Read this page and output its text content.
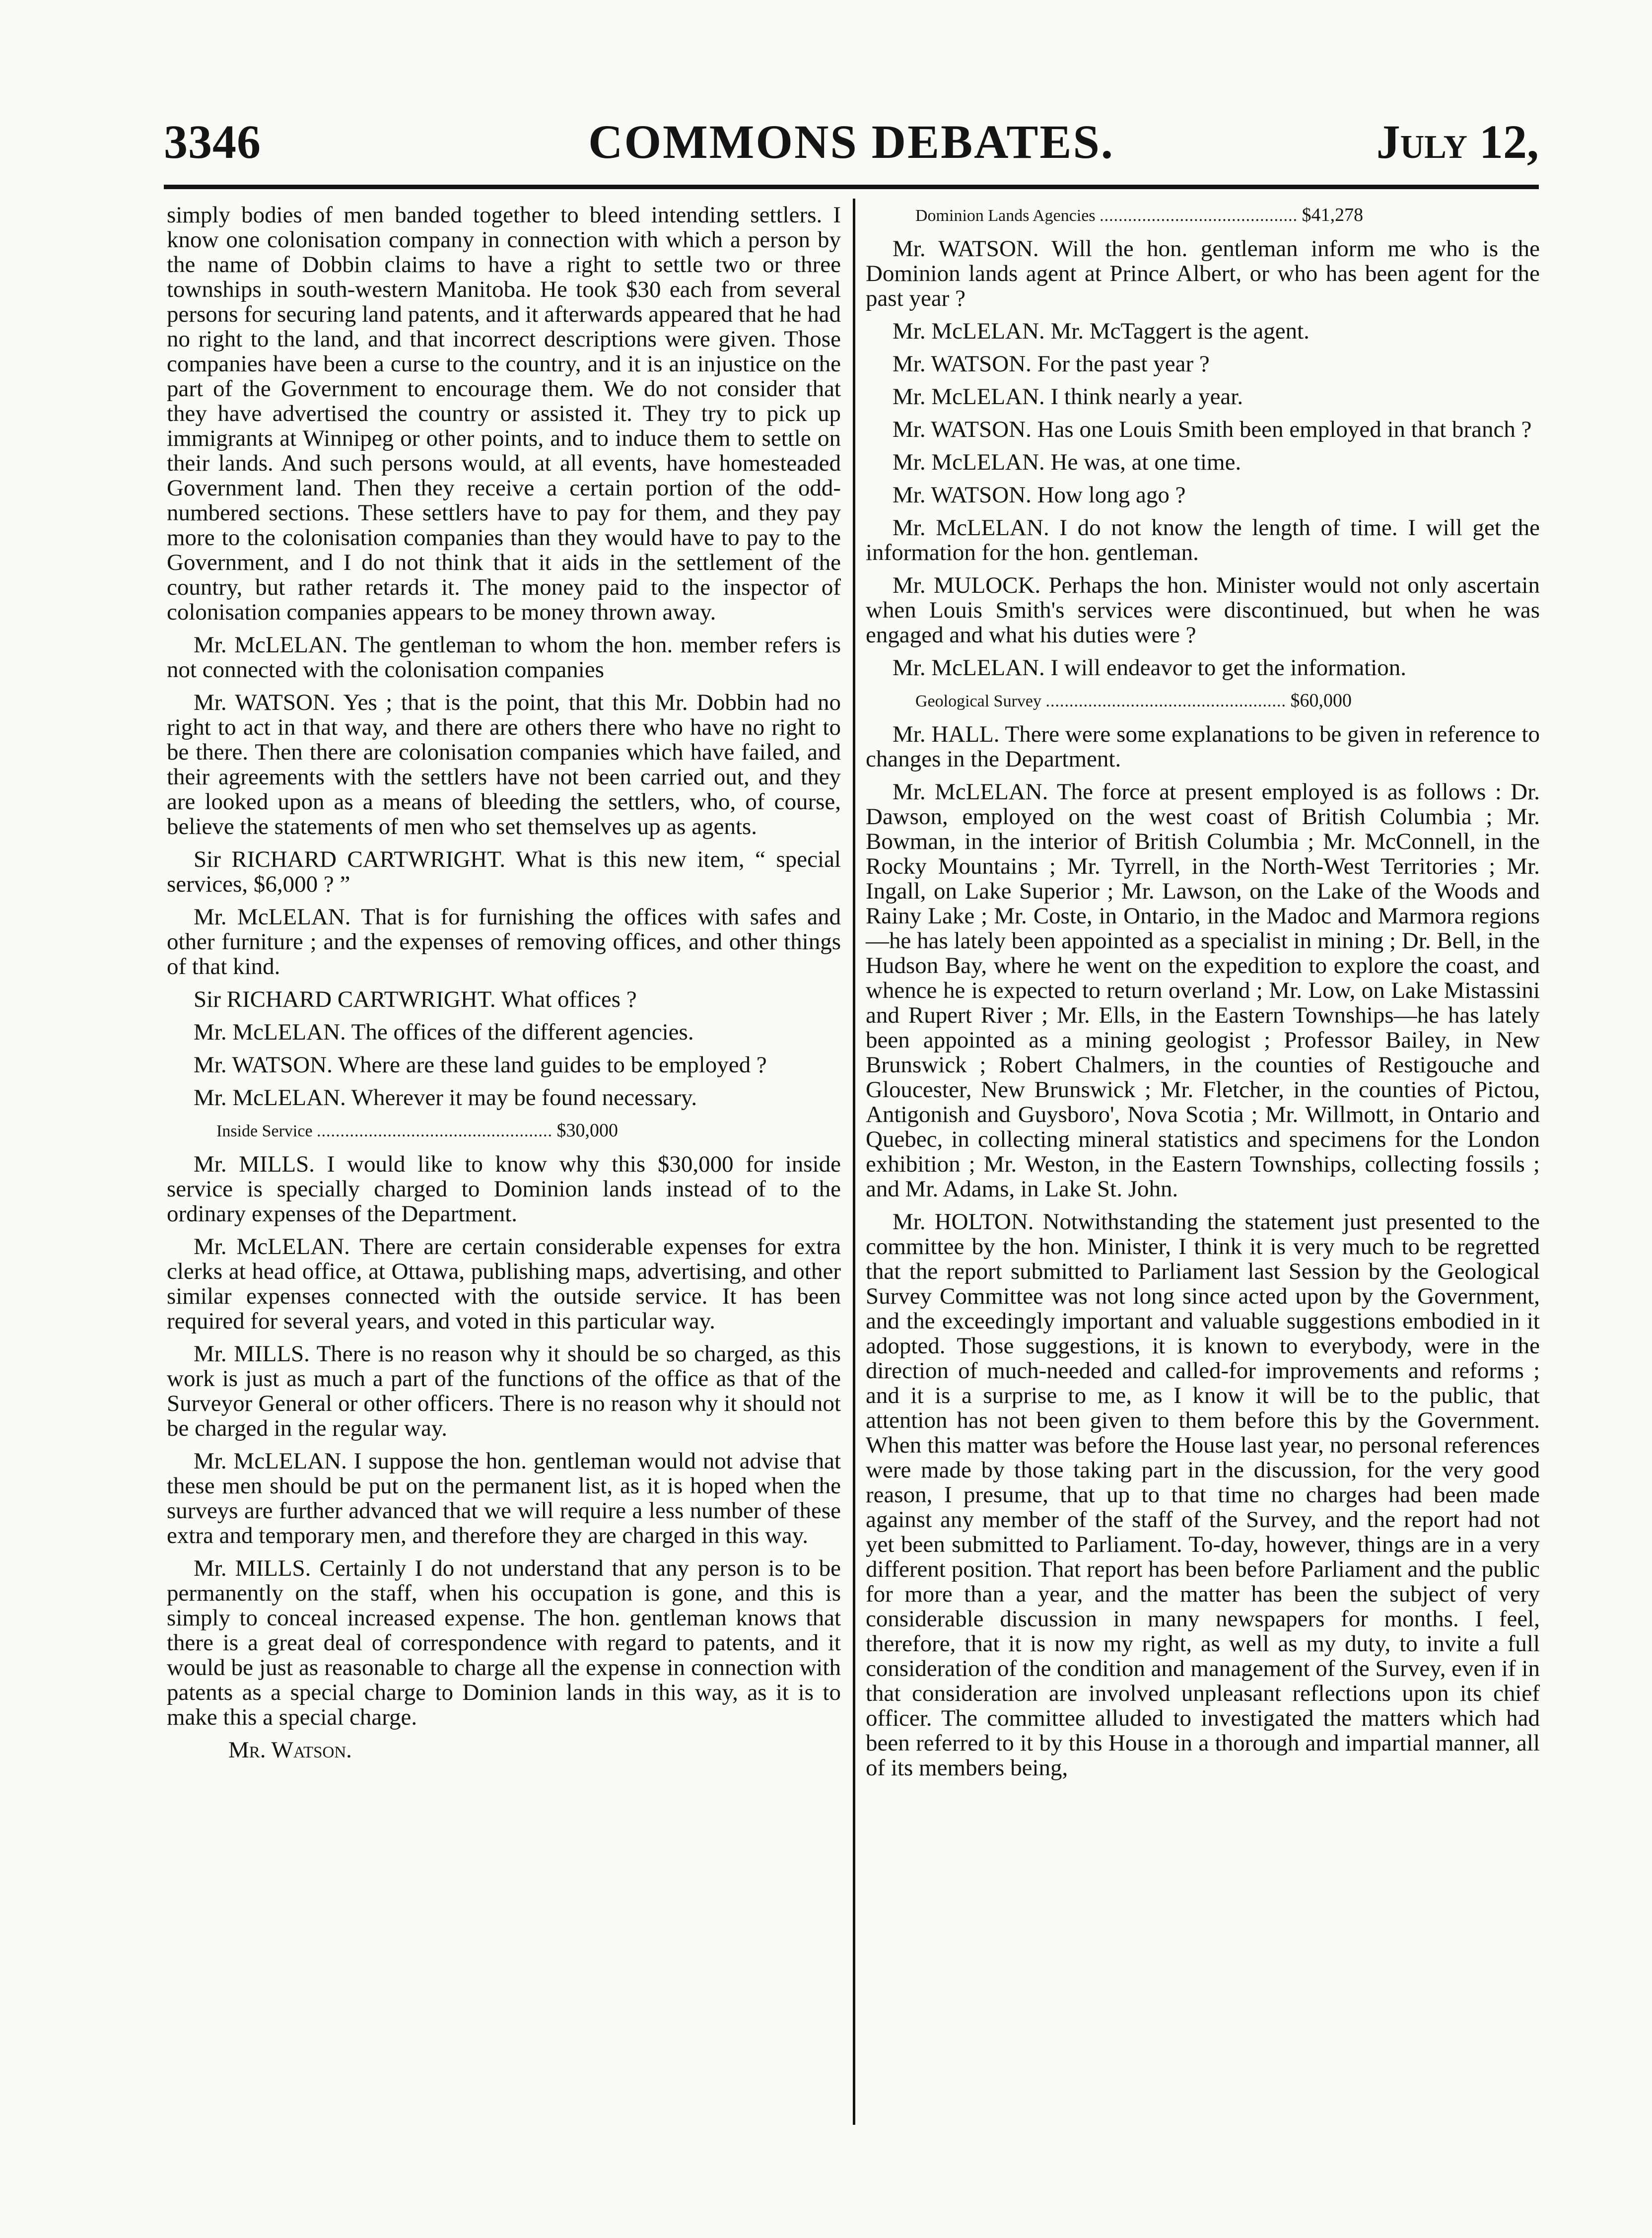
COMMONS DEBATES.
3346	July 12,

simply bodies of men banded together to bleed intending settlers. I know one colonisation company in connection with which a person by the name of Dobbin claims to have a right to settle two or three townships in south-western Manitoba. He took $30 each from several persons for securing land patents, and it afterwards appeared that he had no right to the land, and that incorrect descriptions were given. Those companies have been a curse to the country, and it is an injustice on the part of the Government to encourage them. We do not consider that they have advertised the country or assisted it. They try to pick up immigrants at Winnipeg or other points, and to induce them to settle on their lands. And such persons would, at all events, have homesteaded Government land. Then they receive a certain portion of the odd-numbered sections. These settlers have to pay for them, and they pay more to the colonisation companies than they would have to pay to the Government, and I do not think that it aids in the settlement of the country, but rather retards it. The money paid to the inspector of colonisation companies appears to be money thrown away.

Mr. McLELAN. The gentleman to whom the hon. member refers is not connected with the colonisation companies

Mr. WATSON. Yes ; that is the point, that this Mr. Dobbin had no right to act in that way, and there are others there who have no right to be there. Then there are colonisation companies which have failed, and their agreements with the settlers have not been carried out, and they are looked upon as a means of bleeding the settlers, who, of course, believe the statements of men who set themselves up as agents.

Sir RICHARD CARTWRIGHT. What is this new item, “ special services, $6,000 ? ”

Mr. McLELAN. That is for furnishing the offices with safes and other furniture ; and the expenses of removing offices, and other things of that kind.

Sir RICHARD CARTWRIGHT. What offices ?

Mr. McLELAN. The offices of the different agencies.

Mr. WATSON. Where are these land guides to be employed ?

Mr. McLELAN. Wherever it may be found necessary.

Inside Service .................................................. $30,000

Mr. MILLS. I would like to know why this $30,000 for inside service is specially charged to Dominion lands instead of to the ordinary expenses of the Department.

Mr. McLELAN. There are certain considerable expenses for extra clerks at head office, at Ottawa, publishing maps, advertising, and other similar expenses connected with the outside service. It has been required for several years, and voted in this particular way.

Mr. MILLS. There is no reason why it should be so charged, as this work is just as much a part of the functions of the office as that of the Surveyor General or other officers. There is no reason why it should not be charged in the regular way.

Mr. McLELAN. I suppose the hon. gentleman would not advise that these men should be put on the permanent list, as it is hoped when the surveys are further advanced that we will require a less number of these extra and temporary men, and therefore they are charged in this way.

Mr. MILLS. Certainly I do not understand that any person is to be permanently on the staff, when his occupation is gone, and this is simply to conceal increased expense. The hon. gentleman knows that there is a great deal of correspondence with regard to patents, and it would be just as reasonable to charge all the expense in connection with patents as a special charge to Dominion lands in this way, as it is to make this a special charge.

Mr. Watson.

Dominion Lands Agencies .......................................... $41,278

Mr. WATSON. Will the hon. gentleman inform me who is the Dominion lands agent at Prince Albert, or who has been agent for the past year ?

Mr. McLELAN. Mr. McTaggert is the agent.

Mr. WATSON. For the past year ?

Mr. McLELAN. I think nearly a year.

Mr. WATSON. Has one Louis Smith been employed in that branch ?

Mr. McLELAN. He was, at one time.

Mr. WATSON. How long ago ?

Mr. McLELAN. I do not know the length of time. I will get the information for the hon. gentleman.

Mr. MULOCK. Perhaps the hon. Minister would not only ascertain when Louis Smith's services were discontinued, but when he was engaged and what his duties were ?

Mr. McLELAN. I will endeavor to get the information.

Geological Survey ................................................... $60,000

Mr. HALL. There were some explanations to be given in reference to changes in the Department.

Mr. McLELAN. The force at present employed is as follows : Dr. Dawson, employed on the west coast of British Columbia ; Mr. Bowman, in the interior of British Columbia ; Mr. McConnell, in the Rocky Mountains ; Mr. Tyrrell, in the North-West Territories ; Mr. Ingall, on Lake Superior ; Mr. Lawson, on the Lake of the Woods and Rainy Lake ; Mr. Coste, in Ontario, in the Madoc and Marmora regions—he has lately been appointed as a specialist in mining ; Dr. Bell, in the Hudson Bay, where he went on the expedition to explore the coast, and whence he is expected to return overland ; Mr. Low, on Lake Mistassini and Rupert River ; Mr. Ells, in the Eastern Townships—he has lately been appointed as a mining geologist ; Professor Bailey, in New Brunswick ; Robert Chalmers, in the counties of Restigouche and Gloucester, New Brunswick ; Mr. Fletcher, in the counties of Pictou, Antigonish and Guysboro', Nova Scotia ; Mr. Willmott, in Ontario and Quebec, in collecting mineral statistics and specimens for the London exhibition ; Mr. Weston, in the Eastern Townships, collecting fossils ; and Mr. Adams, in Lake St. John.

Mr. HOLTON. Notwithstanding the statement just presented to the committee by the hon. Minister, I think it is very much to be regretted that the report submitted to Parliament last Session by the Geological Survey Committee was not long since acted upon by the Government, and the exceedingly important and valuable suggestions embodied in it adopted. Those suggestions, it is known to everybody, were in the direction of much-needed and called-for improvements and reforms ; and it is a surprise to me, as I know it will be to the public, that attention has not been given to them before this by the Government. When this matter was before the House last year, no personal references were made by those taking part in the discussion, for the very good reason, I presume, that up to that time no charges had been made against any member of the staff of the Survey, and the report had not yet been submitted to Parliament. To-day, however, things are in a very different position. That report has been before Parliament and the public for more than a year, and the matter has been the subject of very considerable discussion in many newspapers for months. I feel, therefore, that it is now my right, as well as my duty, to invite a full consideration of the condition and management of the Survey, even if in that consideration are involved unpleasant reflections upon its chief officer. The committee alluded to investigated the matters which had been referred to it by this House in a thorough and impartial manner, all of its members being,
